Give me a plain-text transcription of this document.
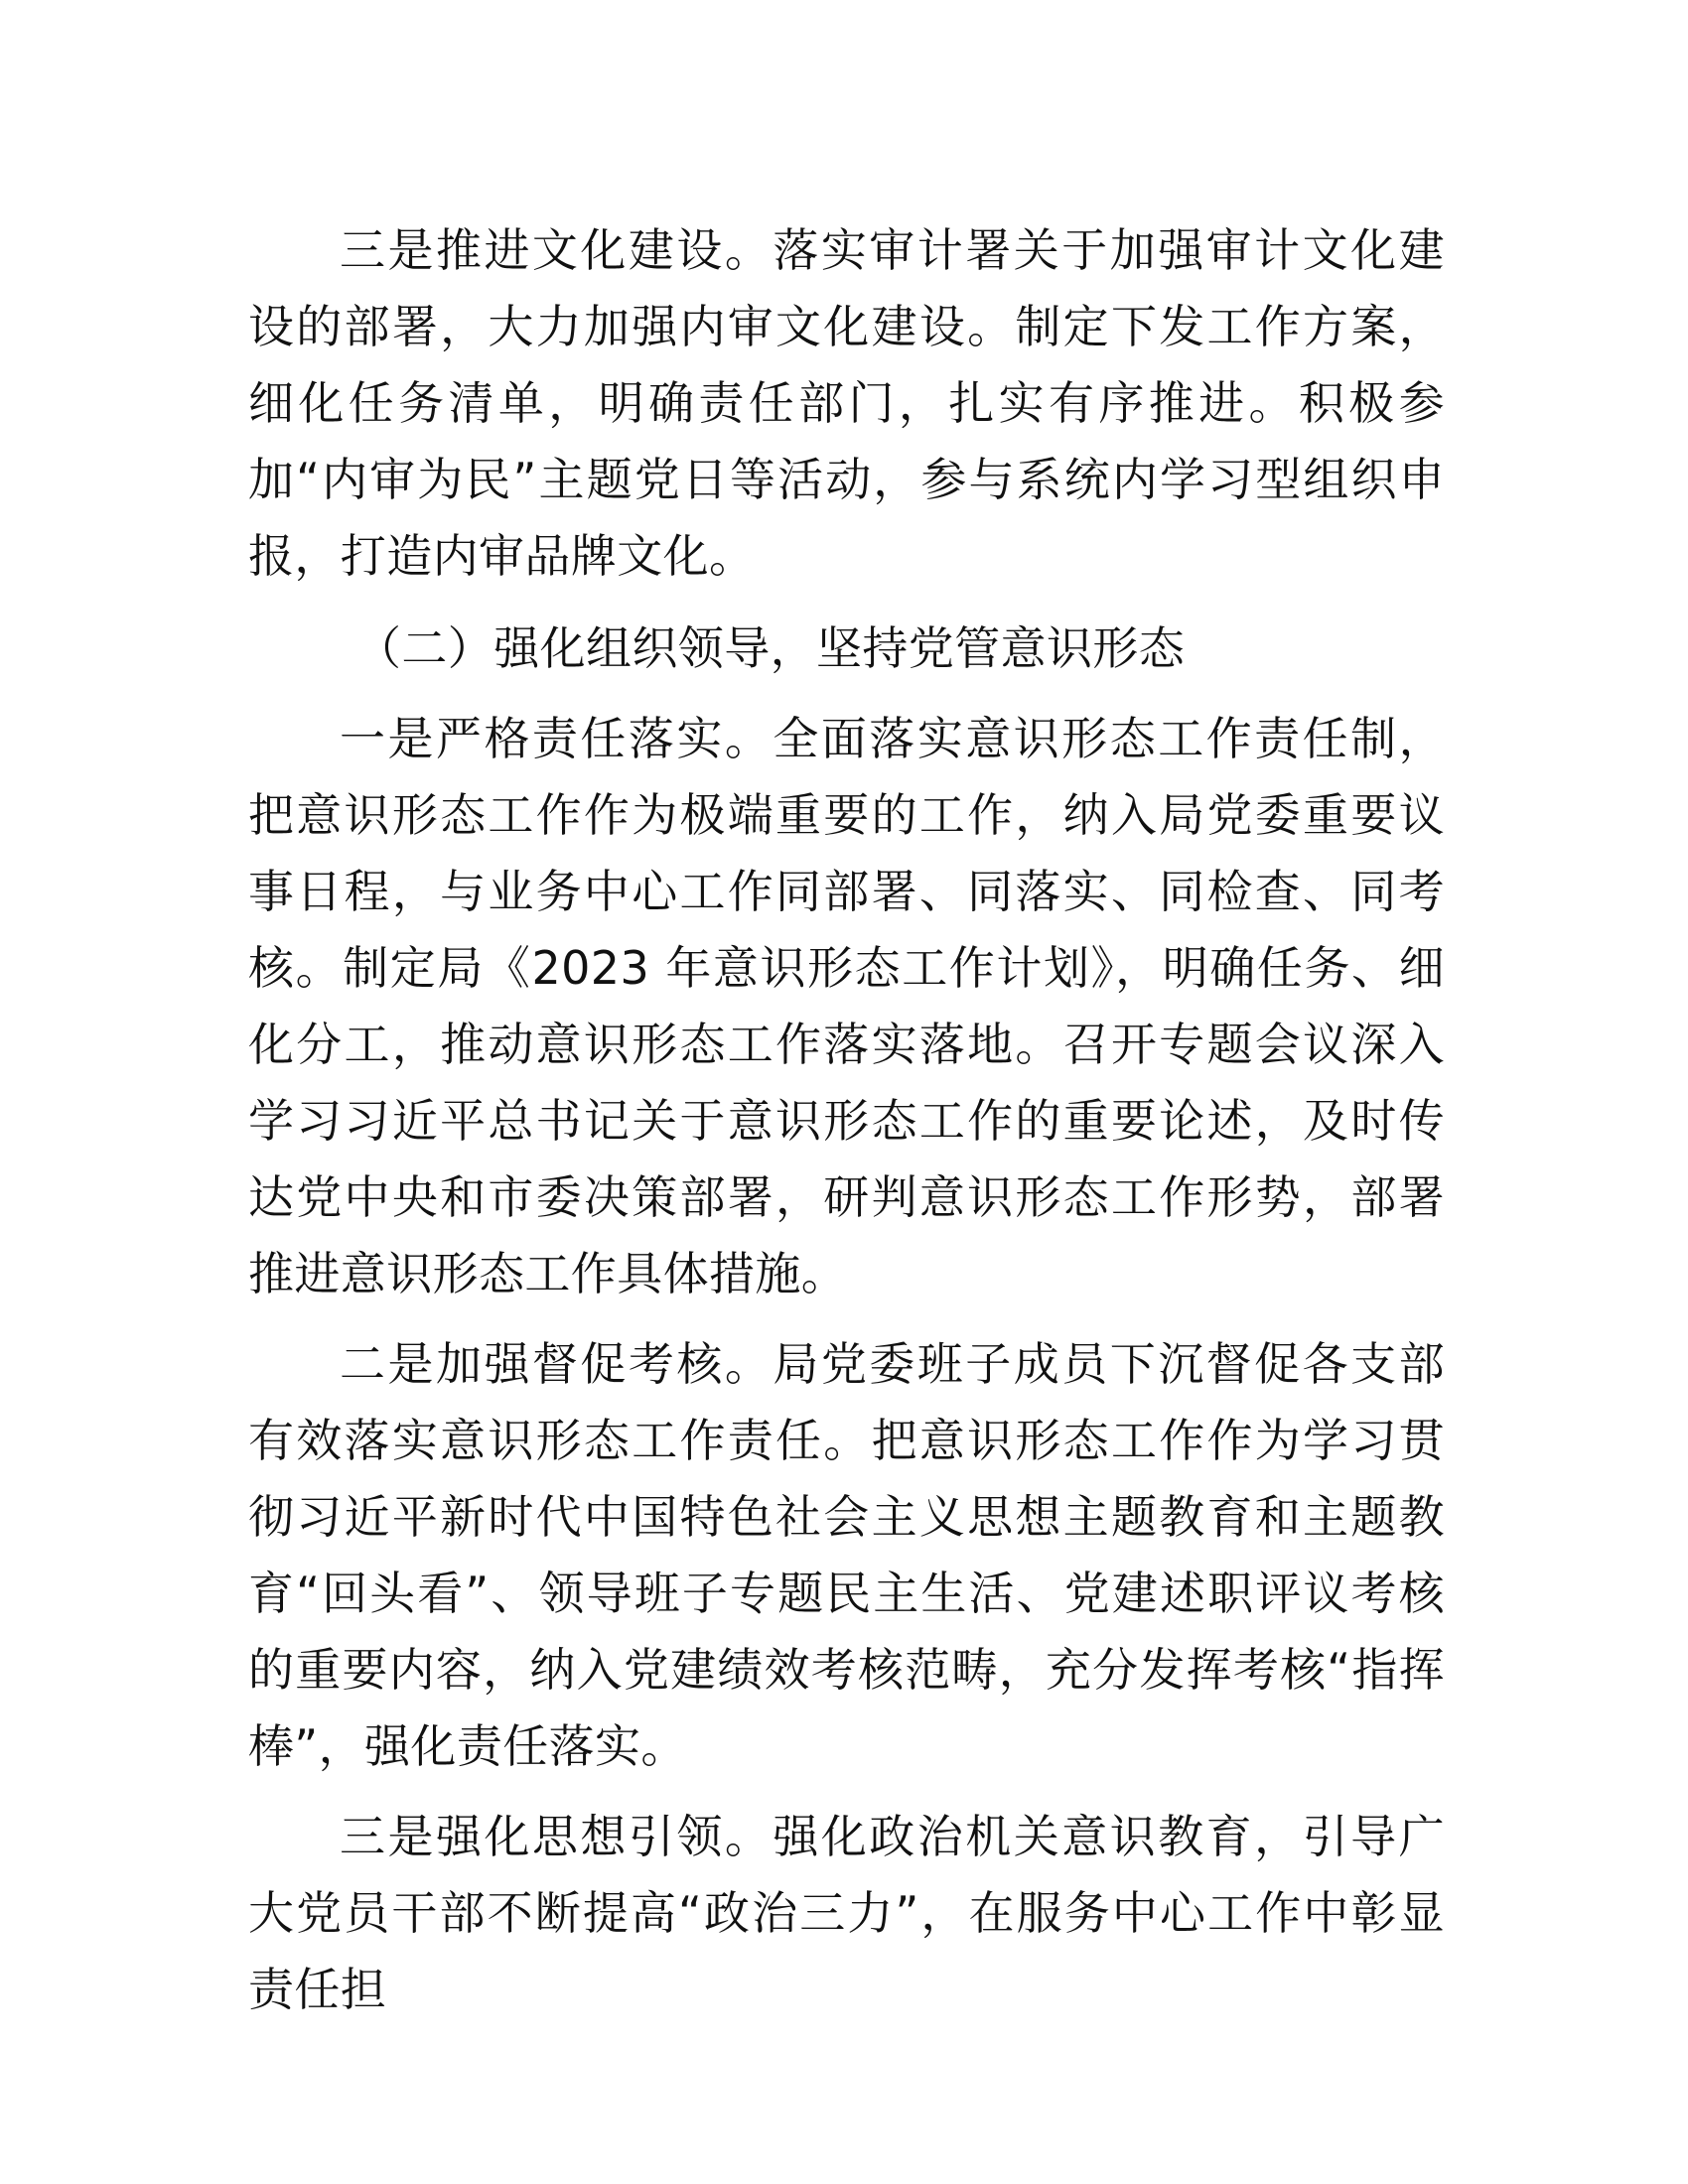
三是推进文化建设。落实审计署关于加强审计文化建设的部署，大力加强内审文化建设。制定下发工作方案，细化任务清单，明确责任部门，扎实有序推进。积极参加“内审为民”主题党日等活动，参与系统内学习型组织申报，打造内审品牌文化。

（二）强化组织领导，坚持党管意识形态

一是严格责任落实。全面落实意识形态工作责任制，把意识形态工作作为极端重要的工作，纳入局党委重要议事日程，与业务中心工作同部署、同落实、同检查、同考核。制定局《2023 年意识形态工作计划》，明确任务、细化分工，推动意识形态工作落实落地。召开专题会议深入学习习近平总书记关于意识形态工作的重要论述，及时传达党中央和市委决策部署，研判意识形态工作形势，部署推进意识形态工作具体措施。

二是加强督促考核。局党委班子成员下沉督促各支部有效落实意识形态工作责任。把意识形态工作作为学习贯彻习近平新时代中国特色社会主义思想主题教育和主题教育“回头看”、领导班子专题民主生活、党建述职评议考核的重要内容，纳入党建绩效考核范畴，充分发挥考核“指挥棒”，强化责任落实。

三是强化思想引领。强化政治机关意识教育，引导广大党员干部不断提高“政治三力”，在服务中心工作中彰显责任担
